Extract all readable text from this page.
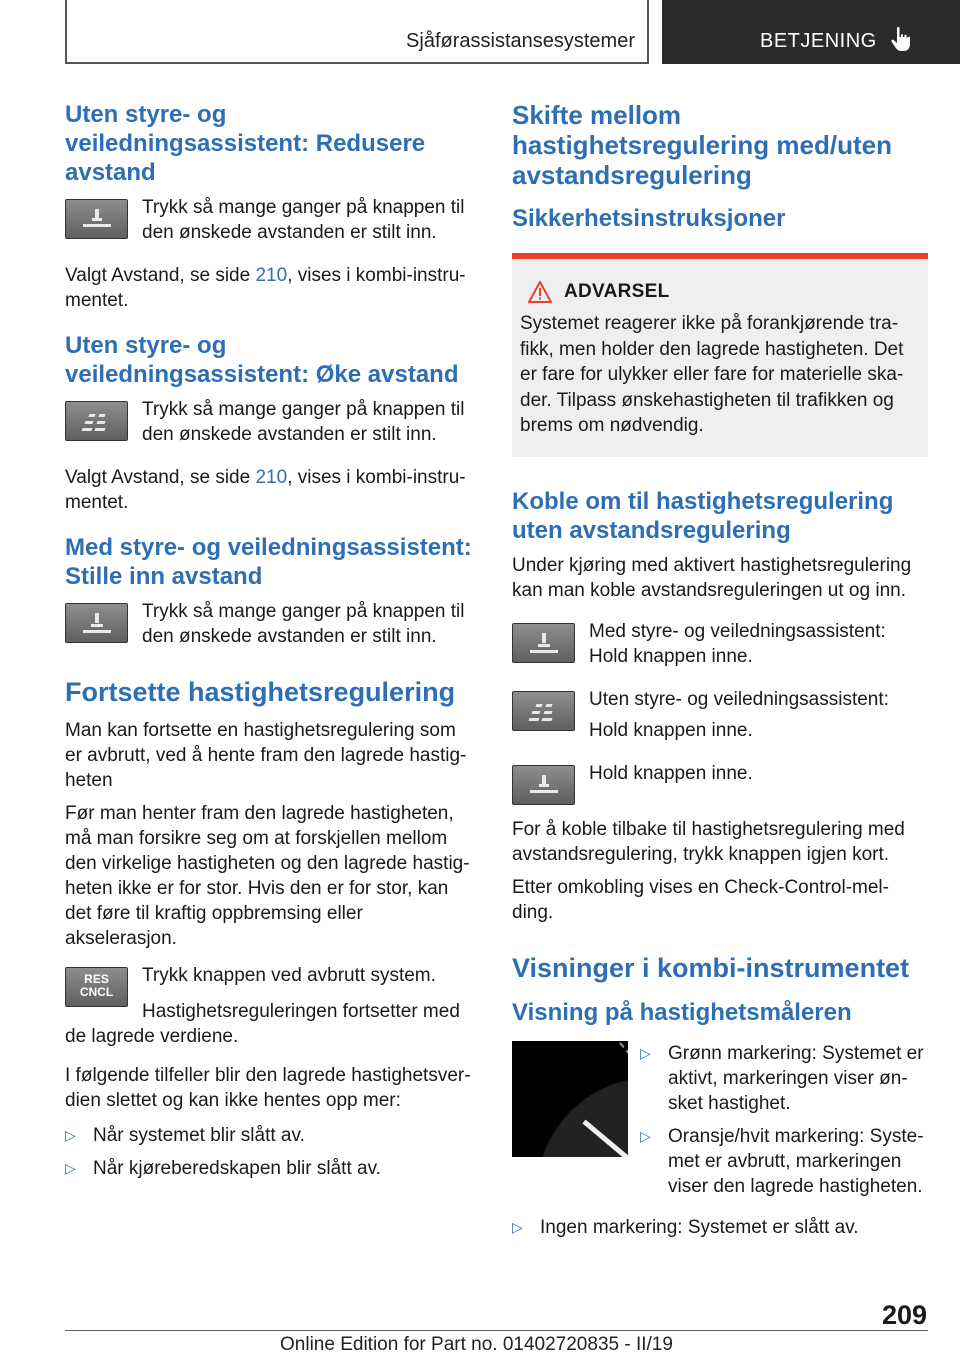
Sjåførassistansesystemer	BETJENING
Uten styre- og veiledningsassistent: Redusere avstand

Trykk så mange ganger på knappen til den ønskede avstanden er stilt inn.

Valgt Avstand, se side 210, vises i kombi-instru-mentet.

Uten styre- og veiledningsassistent: Øke avstand

Trykk så mange ganger på knappen til den ønskede avstanden er stilt inn.

Valgt Avstand, se side 210, vises i kombi-instru-mentet.

Med styre- og veiledningsassistent: Stille inn avstand

Trykk så mange ganger på knappen til den ønskede avstanden er stilt inn.

Fortsette hastighetsregulering

Man kan fortsette en hastighetsregulering som er avbrutt, ved å hente fram den lagrede hastig-heten

Før man henter fram den lagrede hastigheten, må man forsikre seg om at forskjellen mellom den virkelige hastigheten og den lagrede hastig-heten ikke er for stor. Hvis den er for stor, kan det føre til kraftig oppbremsing eller akselerasjon.

RES
CNCL

Trykk knappen ved avbrutt system.

Hastighetsreguleringen fortsetter med de lagrede verdiene.

I følgende tilfeller blir den lagrede hastighetsver-dien slettet og kan ikke hentes opp mer:

▷ Når systemet blir slått av.
▷ Når kjøreberedskapen blir slått av.
Skifte mellom hastighetsregulering med/uten avstandsregulering
Sikkerhetsinstruksjoner
ADVARSEL

Systemet reagerer ikke på forankjørende tra-fikk, men holder den lagrede hastigheten. Det er fare for ulykker eller fare for materielle ska-der. Tilpass ønskehastigheten til trafikken og brems om nødvendig.

Koble om til hastighetsregulering uten avstandsregulering

Under kjøring med aktivert hastighetsregulering kan man koble avstandsreguleringen ut og inn.

Med styre- og veiledningsassistent:

Hold knappen inne.

Uten styre- og veiledningsassistent:

Hold knappen inne.

Hold knappen inne.

For å koble tilbake til hastighetsregulering med avstandsregulering, trykk knappen igjen kort.

Etter omkobling vises en Check-Control-mel-ding.

Visninger i kombi-instrumentet
Visning på hastighetsmåleren
▷ Grønn markering: Systemet er aktivt, markeringen viser øn-sket hastighet.
▷ Oransje/hvit markering: Syste-met er avbrutt, markeringen viser den lagrede hastigheten.
▷ Ingen markering: Systemet er slått av.
209
Online Edition for Part no. 01402720835 - II/19
